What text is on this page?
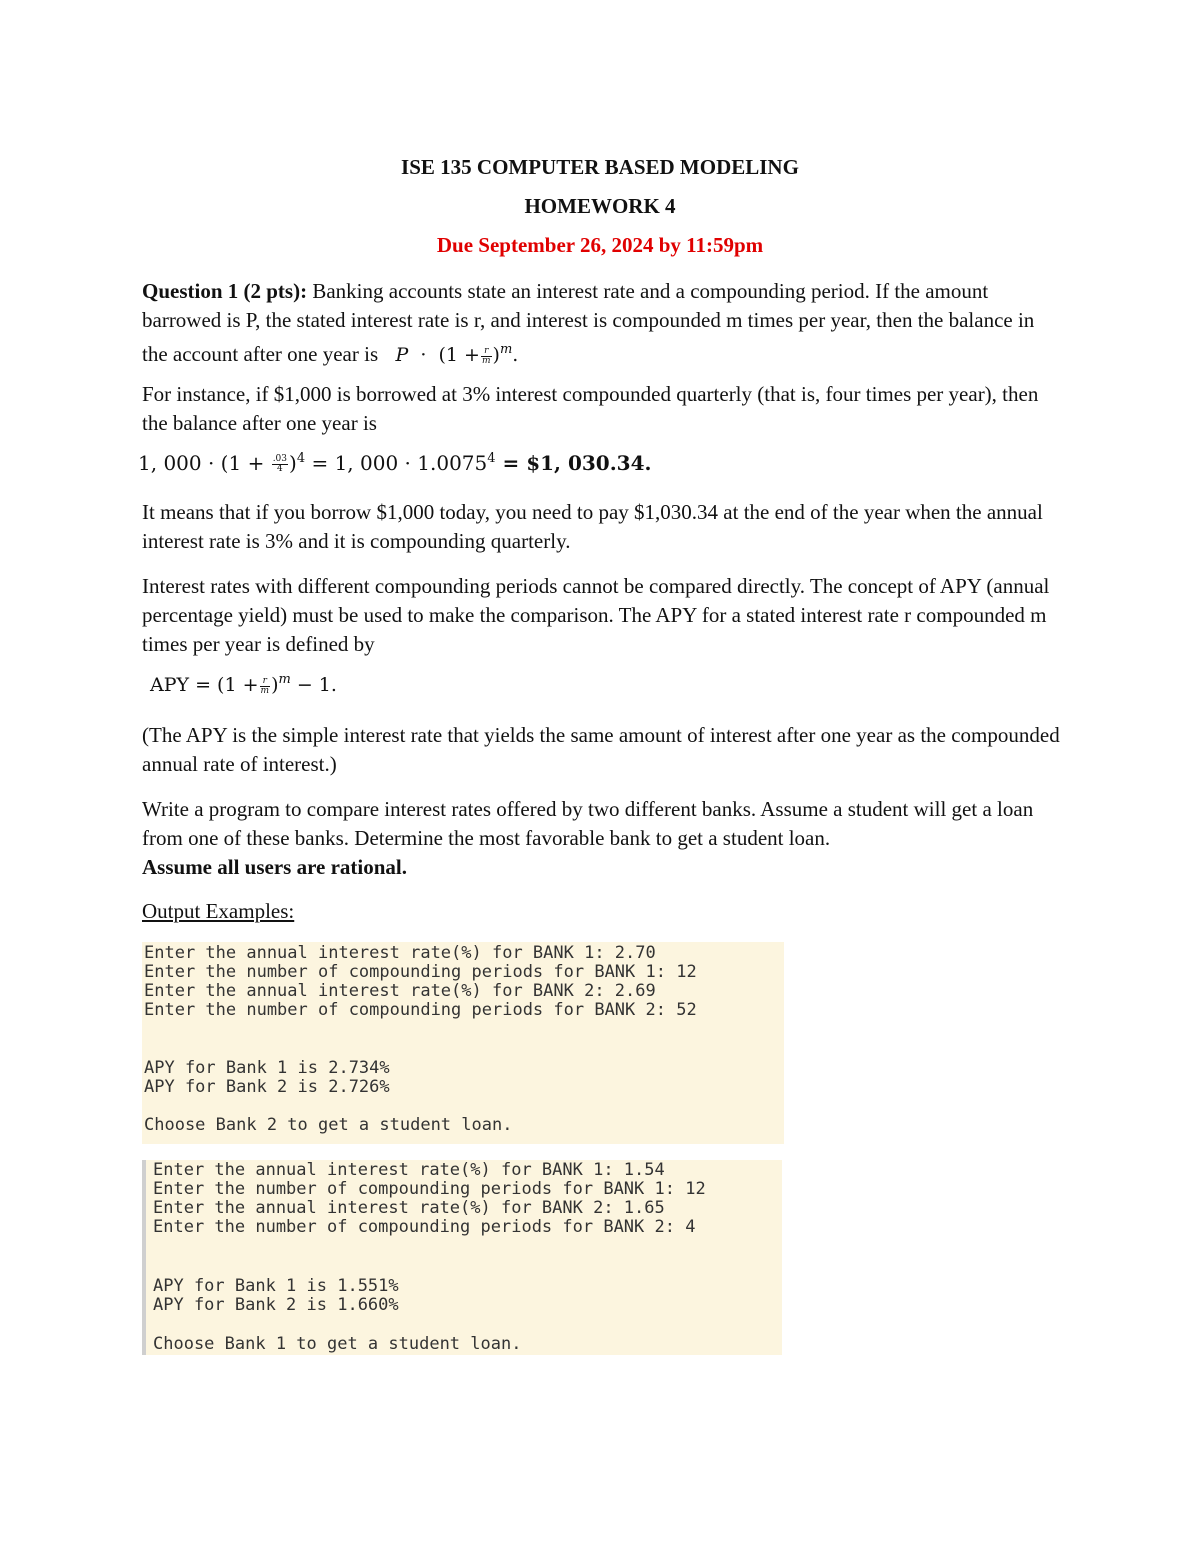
ISE 135 COMPUTER BASED MODELING
HOMEWORK 4
Due September 26, 2024 by 11:59pm
Question 1 (2 pts): Banking accounts state an interest rate and a compounding period. If the amount barrowed is P, the stated interest rate is r, and interest is compounded m times per year, then the balance in the account after one year is $P \cdot (1 + \frac{r}{m} )^m$.
For instance, if $1,000 is borrowed at 3% interest compounded quarterly (that is, four times per year), then the balance after one year is
1, $000 \cdot (1 + \frac{.03}{4} )^4 = 1$, $000 \cdot 1.0075^4$ = $1, 030.34.
It means that if you borrow $1,000 today, you need to pay $1,030.34 at the end of the year when the annual interest rate is 3% and it is compounding quarterly.
Interest rates with different compounding periods cannot be compared directly. The concept of APY (annual percentage yield) must be used to make the comparison. The APY for a stated interest rate r compounded m times per year is defined by
APY = $(1 + \frac{r}{m} )^m - 1$.
(The APY is the simple interest rate that yields the same amount of interest after one year as the compounded annual rate of interest.)
Write a program to compare interest rates offered by two different banks. Assume a student will get a loan from one of these banks. Determine the most favorable bank to get a student loan.
Assume all users are rational.
Output Examples:

Enter the annual interest rate(%) for BANK 1: 2.70

Enter the number of compounding periods for BANK 1: 12

Enter the annual interest rate(%) for BANK 2: 2.69

Enter the number of compounding periods for BANK 2: 52

APY for Bank 1 is 2.734%

APY for Bank 2 is 2.726%

Choose Bank 2 to get a student loan.

Enter the annual interest rate(%) for BANK 1: 1.54

Enter the number of compounding periods for BANK 1: 12

Enter the annual interest rate(%) for BANK 2: 1.65

Enter the number of compounding periods for BANK 2: 4

APY for Bank 1 is 1.551%

APY for Bank 2 is 1.660%

Choose Bank 1 to get a student loan.
